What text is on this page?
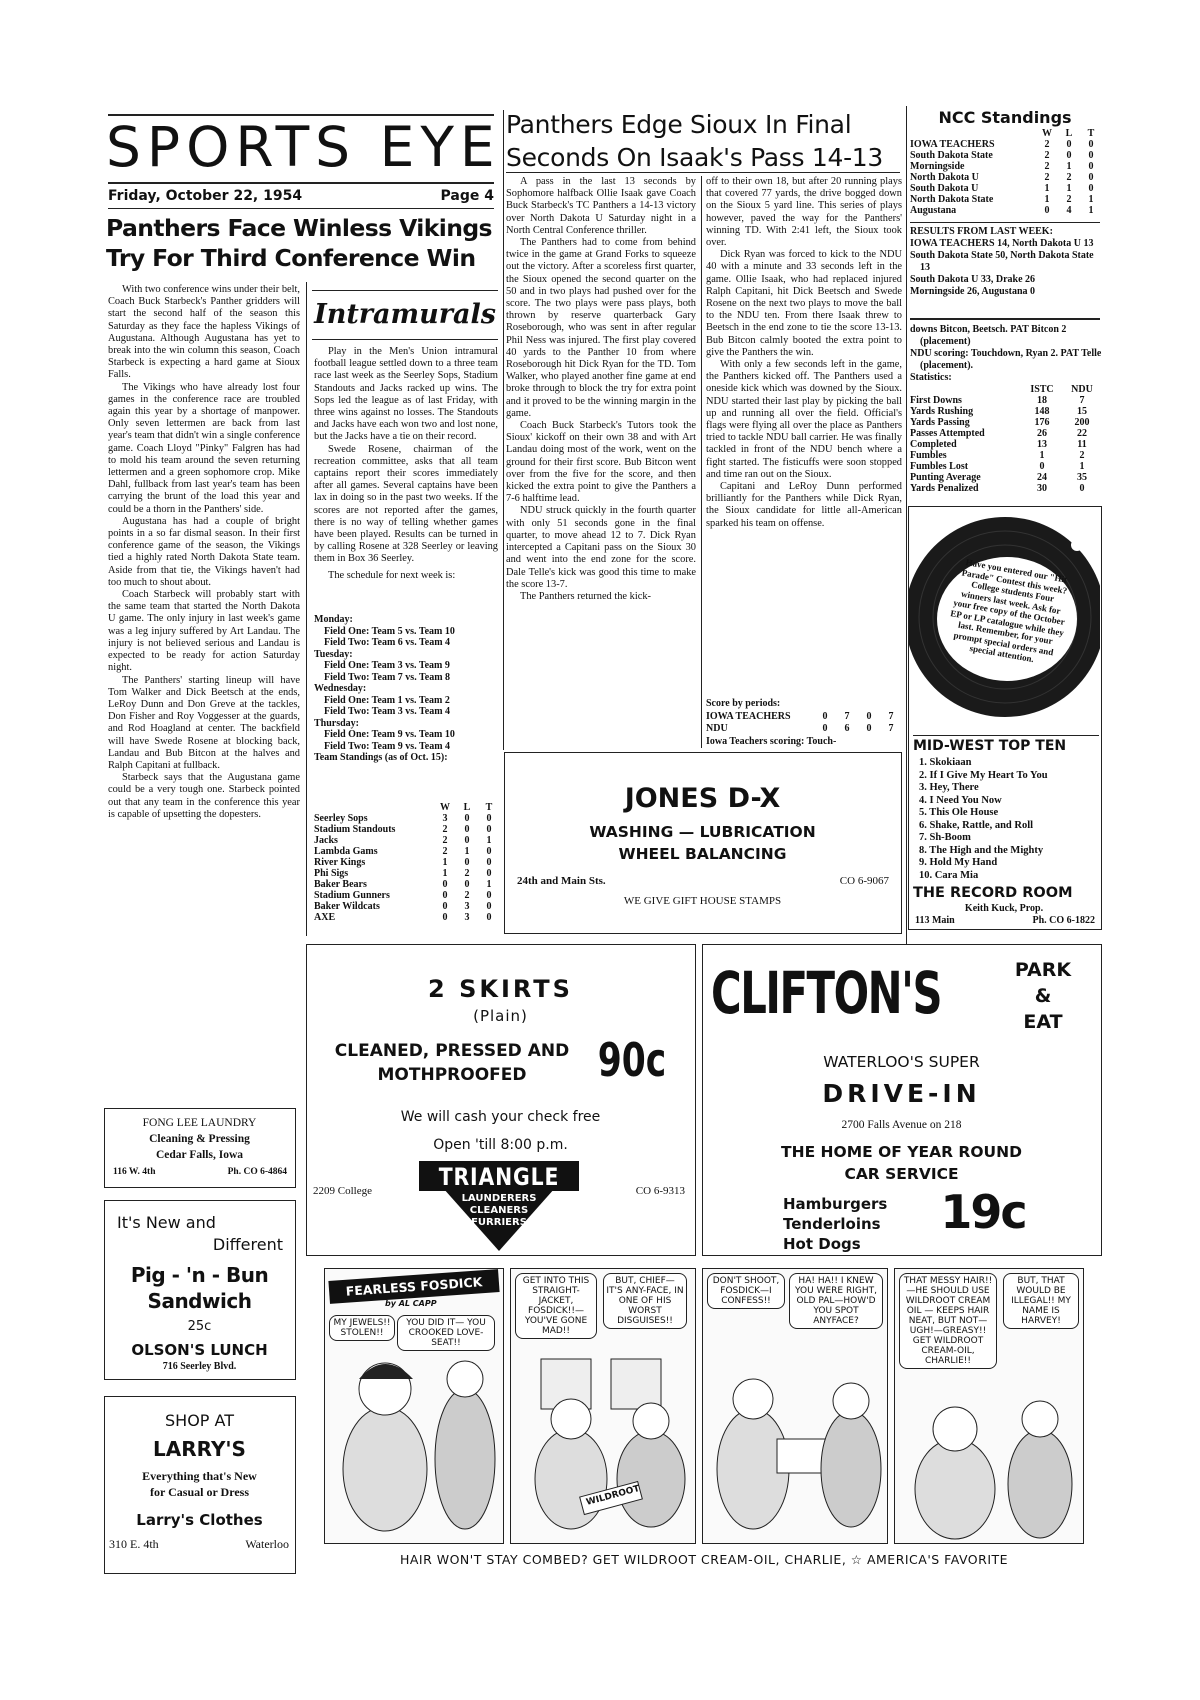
SPORTS EYE
Friday, October 22, 1954	Page 4
Panthers Face Winless Vikings Try For Third Conference Win

With two conference wins under their belt, Coach Buck Starbeck's Panther gridders will start the second half of the season this Saturday as they face the hapless Vikings of Augustana. Although Augustana has yet to break into the win column this season, Coach Starbeck is expecting a hard game at Sioux Falls.

The Vikings who have already lost four games in the conference race are troubled again this year by a shortage of manpower. Only seven lettermen are back from last year's team that didn't win a single conference game. Coach Lloyd "Pinky" Falgren has had to mold his team around the seven returning lettermen and a green sophomore crop. Mike Dahl, fullback from last year's team has been carrying the brunt of the load this year and could be a thorn in the Panthers' side.

Augustana has had a couple of bright points in a so far dismal season. In their first conference game of the season, the Vikings tied a highly rated North Dakota State team. Aside from that tie, the Vikings haven't had too much to shout about.

Coach Starbeck will probably start with the same team that started the North Dakota U game. The only injury in last week's game was a leg injury suffered by Art Landau. The injury is not believed serious and Landau is expected to be ready for action Saturday night.

The Panthers' starting lineup will have Tom Walker and Dick Beetsch at the ends, LeRoy Dunn and Don Greve at the tackles, Don Fisher and Roy Voggesser at the guards, and Rod Hoagland at center. The backfield will have Swede Rosene at blocking back, Landau and Bub Bitcon at the halves and Ralph Capitani at fullback.

Starbeck says that the Augustana game could be a very tough one. Starbeck pointed out that any team in the conference this year is capable of upsetting the dopesters.

Intramurals

Play in the Men's Union intramural football league settled down to a three team race last week as the Seerley Sops, Stadium Standouts and Jacks racked up wins. The Sops led the league as of last Friday, with three wins against no losses. The Standouts and Jacks have each won two and lost none, but the Jacks have a tie on their record.

Swede Rosene, chairman of the recreation committee, asks that all team captains report their scores immediately after all games. Several captains have been lax in doing so in the past two weeks. If the scores are not reported after the games, there is no way of telling whether games have been played. Results can be turned in by calling Rosene at 328 Seerley or leaving them in Box 36 Seerley.

The schedule for next week is:

Monday:
Field One: Team 5 vs. Team 10
Field Two: Team 6 vs. Team 4
Tuesday:
Field One: Team 3 vs. Team 9
Field Two: Team 7 vs. Team 8
Wednesday:
Field One: Team 1 vs. Team 2
Field Two: Team 3 vs. Team 4
Thursday:
Field One: Team 9 vs. Team 10
Field Two: Team 9 vs. Team 4
Team Standings (as of Oct. 15):
	W	L	T
Seerley Sops	3	0	0
Stadium Standouts	2	0	0
Jacks	2	0	1
Lambda Gams	2	1	0
River Kings	1	0	0
Phi Sigs	1	2	0
Baker Bears	0	0	1
Stadium Gunners	0	2	0
Baker Wildcats	0	3	0
AXE	0	3	0
Panthers Edge Sioux In Final Seconds On Isaak's Pass 14-13

A pass in the last 13 seconds by Sophomore halfback Ollie Isaak gave Coach Buck Starbeck's TC Panthers a 14-13 victory over North Dakota U Saturday night in a North Central Conference thriller.

The Panthers had to come from behind twice in the game at Grand Forks to squeeze out the victory. After a scoreless first quarter, the Sioux opened the second quarter on the 50 and in two plays had pushed over for the score. The two plays were pass plays, both thrown by reserve quarterback Gary Roseborough, who was sent in after regular Phil Ness was injured. The first play covered 40 yards to the Panther 10 from where Roseborough hit Dick Ryan for the TD. Tom Walker, who played another fine game at end broke through to block the try for extra point and it proved to be the winning margin in the game.

Coach Buck Starbeck's Tutors took the Sioux' kickoff on their own 38 and with Art Landau doing most of the work, went on the ground for their first score. Bub Bitcon went over from the five for the score, and then kicked the extra point to give the Panthers a 7-6 halftime lead.

NDU struck quickly in the fourth quarter with only 51 seconds gone in the final quarter, to move ahead 12 to 7. Dick Ryan intercepted a Capitani pass on the Sioux 30 and went into the end zone for the score. Dale Telle's kick was good this time to make the score 13-7.

The Panthers returned the kick-

off to their own 18, but after 20 running plays that covered 77 yards, the drive bogged down on the Sioux 5 yard line. This series of plays however, paved the way for the Panthers' winning TD. With 2:41 left, the Sioux took over.

Dick Ryan was forced to kick to the NDU 40 with a minute and 33 seconds left in the game. Ollie Isaak, who had replaced injured Ralph Capitani, hit Dick Beetsch and Swede Rosene on the next two plays to move the ball to the NDU ten. From there Isaak threw to Beetsch in the end zone to tie the score 13-13. Bub Bitcon calmly booted the extra point to give the Panthers the win.

With only a few seconds left in the game, the Panthers kicked off. The Panthers used a oneside kick which was downed by the Sioux. NDU started their last play by picking the ball up and running all over the field. Official's flags were flying all over the place as Panthers tried to tackle NDU ball carrier. He was finally tackled in front of the NDU bench where a fight started. The fisticuffs were soon stopped and time ran out on the Sioux.

Capitani and LeRoy Dunn performed brilliantly for the Panthers while Dick Ryan, the Sioux candidate for little all-American sparked his team on offense.

Score by periods:
IOWA TEACHERS	0	7	0	7
NDU	0	6	0	7
Iowa Teachers scoring: Touch-
NCC Standings
	W	L	T
IOWA TEACHERS	2	0	0
South Dakota State	2	0	0
Morningside	2	1	0
North Dakota U	2	2	0
South Dakota U	1	1	0
North Dakota State	1	2	1
Augustana	0	4	1
RESULTS FROM LAST WEEK:
IOWA TEACHERS 14, North Dakota U 13
South Dakota State 50, North Dakota State 13
South Dakota U 33, Drake 26
Morningside 26, Augustana 0
downs Bitcon, Beetsch. PAT Bitcon 2 (placement)
NDU scoring: Touchdown, Ryan 2. PAT Telle (placement).
Statistics:
	ISTC	NDU
First Downs	18	7
Yards Rushing	148	15
Yards Passing	176	200
Passes Attempted	26	22
Completed	13	11
Fumbles	1	2
Fumbles Lost	0	1
Punting Average	24	35
Yards Penalized	30	0
Have you entered our "Hit Parade" Contest this week? College students Four winners last week. Ask for your free copy of the October EP or LP catalogue while they last. Remember, for your prompt special orders and special attention.
MID-WEST TOP TEN
1. Skokiaan
2. If I Give My Heart To You
3. Hey, There
4. I Need You Now
5. This Ole House
6. Shake, Rattle, and Roll
7. Sh-Boom
8. The High and the Mighty
9. Hold My Hand
10. Cara Mia
THE RECORD ROOM
Keith Kuck, Prop.
113 Main	Ph. CO 6-1822
JONES D-X
WASHING — LUBRICATION
WHEEL BALANCING
24th and Main Sts.	CO 6-9067
WE GIVE GIFT HOUSE STAMPS
FONG LEE LAUNDRY
Cleaning & Pressing
Cedar Falls, Iowa
116 W. 4th	Ph. CO 6-4864
It's New and
Different
Pig - 'n - Bun
Sandwich
25c
OLSON'S LUNCH
716 Seerley Blvd.
SHOP AT
LARRY'S
Everything that's New
for Casual or Dress
Larry's Clothes
310 E. 4th	Waterloo
2 SKIRTS
(Plain)
CLEANED, PRESSED AND
MOTHPROOFED	90c
We will cash your check free
Open 'till 8:00 p.m.
TRIANGLE
LAUNDERERS
CLEANERS
FURRIERS
2209 College	CO 6-9313
CLIFTON'S	PARK
&
EAT
WATERLOO'S SUPER
DRIVE-IN
2700 Falls Avenue on 218
THE HOME OF YEAR ROUND
CAR SERVICE
Hamburgers
Tenderloins
Hot Dogs
19c
FEARLESS FOSDICK
by AL CAPP
MY JEWELS!! STOLEN!!
YOU DID IT— YOU CROOKED LOVE-SEAT!!
GET INTO THIS STRAIGHT-JACKET, FOSDICK!!—YOU'VE GONE MAD!!
BUT, CHIEF— IT'S ANY-FACE, IN ONE OF HIS WORST DISGUISES!!
WILDROOT
DON'T SHOOT, FOSDICK—I CONFESS!!
HA! HA!! I KNEW YOU WERE RIGHT, OLD PAL—HOW'D YOU SPOT ANYFACE?
THAT MESSY HAIR!!—HE SHOULD USE WILDROOT CREAM OIL — KEEPS HAIR NEAT, BUT NOT—UGH!—GREASY!! GET WILDROOT CREAM-OIL, CHARLIE!!
BUT, THAT WOULD BE ILLEGAL!! MY NAME IS HARVEY!
HAIR WON'T STAY COMBED? GET WILDROOT CREAM-OIL, CHARLIE, ☆ AMERICA'S FAVORITE
